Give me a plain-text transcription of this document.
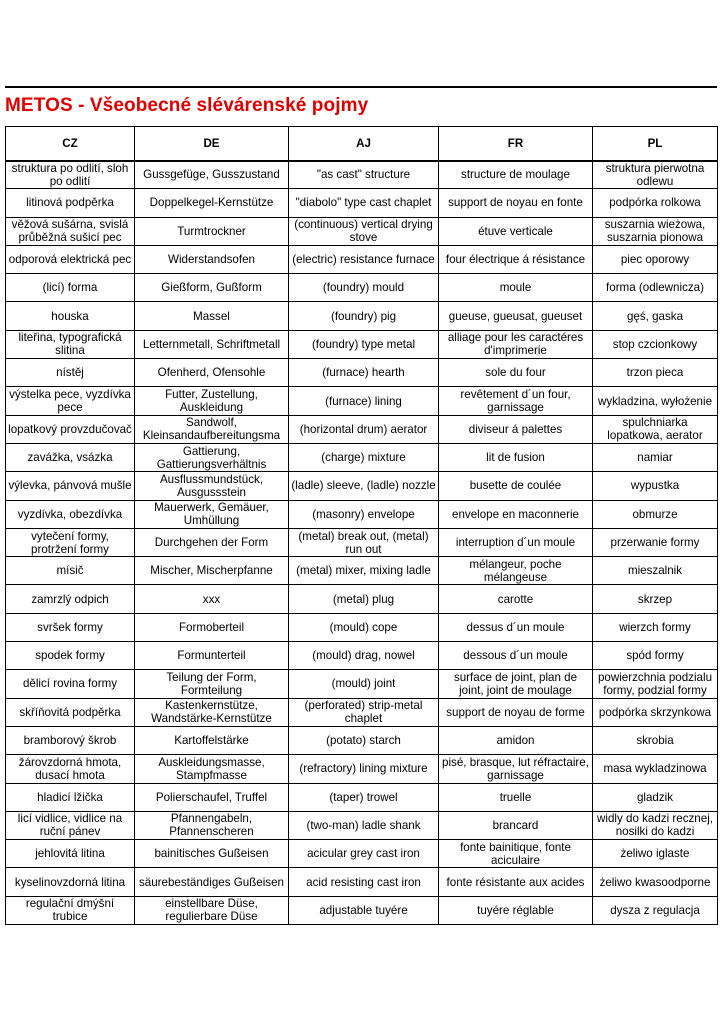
METOS - Všeobecné slévárenské pojmy
CZ	DE	AJ	FR	PL

struktura po odlití, sloh po odlití	Gussgefüge, Gusszustand	"as cast" structure	structure de moulage	struktura pierwotna odlewu

litinová podpěrka	Doppelkegel-Kernstütze	"diabolo" type cast chaplet	support de noyau en fonte	podpórka rolkowa

věžová sušárna, svislá průběžná sušicí pec	Turmtrockner	(continuous) vertical drying stove	étuve verticale	suszarnia wieżowa, suszarnia pionowa

odporová elektrická pec	Widerstandsofen	(electric) resistance furnace	four électrique á résistance	piec oporowy

(licí) forma	Gießform, Gußform	(foundry) mould	moule	forma (odlewnicza)

houska	Massel	(foundry) pig	gueuse, gueusat, gueuset	gęś, gaska

liteřina, typografická slitina	Letternmetall, Schriftmetall	(foundry) type metal	alliage pour les caractéres d'imprimerie	stop czcionkowy

nístěj	Ofenherd, Ofensohle	(furnace) hearth	sole du four	trzon pieca

výstelka pece, vyzdívka pece	Futter, Zustellung, Auskleidung	(furnace) lining	revêtement d´un four, garnissage	wykladzina, wyłożenie

lopatkový provzdučovač	Sandwolf, Kleinsandaufbereitungsma	(horizontal drum) aerator	diviseur á palettes	spulchniarka lopatkowa, aerator

zavážka, vsázka	Gattierung, Gattierungsverhältnis	(charge) mixture	lit de fusion	namiar

výlevka, pánvová mušle	Ausflussmundstück, Ausgussstein	(ladle) sleeve, (ladle) nozzle	busette de coulée	wypustka

vyzdívka, obezdívka	Mauerwerk, Gemäuer, Umhüllung	(masonry) envelope	envelope en maconnerie	obmurze

vytečení formy, protržení formy	Durchgehen der Form	(metal) break out, (metal) run out	interruption d´un moule	przerwanie formy

mísič	Mischer, Mischerpfanne	(metal) mixer, mixing ladle	mélangeur, poche mélangeuse	mieszalnik

zamrzlý odpich	xxx	(metal) plug	carotte	skrzep

svršek formy	Formoberteil	(mould) cope	dessus d´un moule	wierzch formy

spodek formy	Formunterteil	(mould) drag, nowel	dessous d´un moule	spód formy

dělicí rovina formy	Teilung der Form, Formteilung	(mould) joint	surface de joint, plan de joint, joint de moulage	powierzchnia podzialu formy, podzial formy

skříňovitá podpěrka	Kastenkernstütze, Wandstärke-Kernstütze	(perforated) strip-metal chaplet	support de noyau de forme	podpórka skrzynkowa

bramborový škrob	Kartoffelstärke	(potato) starch	amidon	skrobia

žárovzdorná hmota, dusací hmota	Auskleidungsmasse, Stampfmasse	(refractory) lining mixture	pisé, brasque, lut réfractaire, garnissage	masa wykladzinowa

hladicí lžička	Polierschaufel, Truffel	(taper) trowel	truelle	gladzik

licí vidlice, vidlice na ruční pánev	Pfannengabeln, Pfannenscheren	(two-man) ladle shank	brancard	widly do kadzi recznej, nosilki do kadzi

jehlovitá litina	bainitisches Gußeisen	acicular grey cast iron	fonte bainitique, fonte aciculaire	żeliwo iglaste

kyselinovzdorná litina	säurebeständiges Gußeisen	acid resisting cast iron	fonte résistante aux acides	żeliwo kwasoodporne

regulační dmýšní trubice	einstellbare Düse, regulierbare Düse	adjustable tuyére	tuyére réglable	dysza z regulacja
